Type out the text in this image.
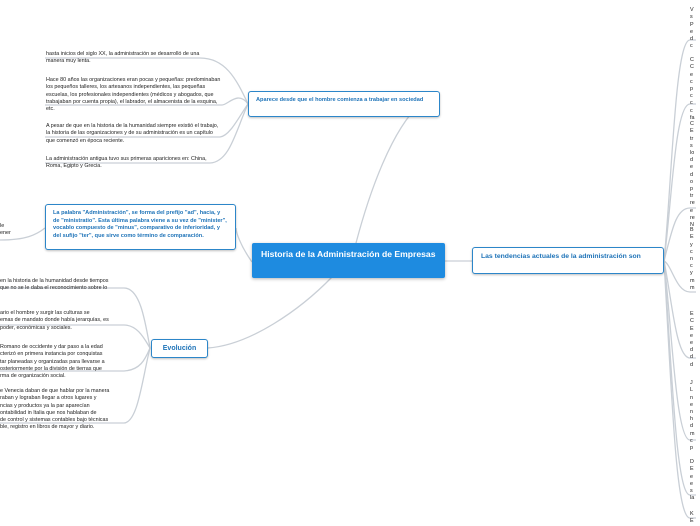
Historia de la Administración de Empresas
Aparece desde que el hombre comienza a trabajar en sociedad
La palabra "Administración", se forma del prefijo "ad", hacia, y de "ministratio". Esta última palabra viene a su vez de "minister", vocablo compuesto de "minus", comparativo de inferioridad, y del sufijo "ter", que sirve como término de comparación.
Evolución
Las tendencias actuales de la administración son

hasta inicios del siglo XX, la administración se desarrolló de una manera muy lenta.

Hace 80 años las organizaciones eran pocas y pequeñas: predominaban los pequeños talleres, los artesanos independientes, las pequeñas escuelas, los profesionales independientes (médicos y abogados, que trabajaban por cuenta propia), el labrador, el almacenista de la esquina, etc.

A pesar de que en la historia de la humanidad siempre existió el trabajo, la historia de las organizaciones y de su administración es un capítulo que comenzó en época reciente.

La administración antigua tuvo sus primeras apariciones en: China, Roma, Egipto y Grecia.

le

ener

en la historia de la humanidad desde tiempos
que no se le daba el reconocimiento sobre lo

ario el hombre y surgir las culturas se
emas de mandato donde había jerarquías, es
poder, económicas y sociales.

Romano de occidente y dar paso a la edad
cterizó en primera instancia por conquistas
tar planeadas y organizadas para llevarse a
osteriormente por la división de tierras que
rma de organización social.

e Venecia daban de que hablar por la manera
raban y lograban llegar a otros lugares y
ncias y productos ya la par aparecían
ontabilidad in Italia que nos hablaban de
de control y sistemas contables bajo técnicas
ble, registro en libros de mayor y diario.

V
s
P
e
d
c

C
C
e
c
p
c
c
c
fa

C
E
tr
s
lo
d
e
d
o
p
tr
re
e
re
N

B
E
y
c
n
c
y
m
m

E
C
E
e
e
d
d
d

J
L
n
e
n
h
d
m
c
p

D
E
e
e
s
la

K
E
